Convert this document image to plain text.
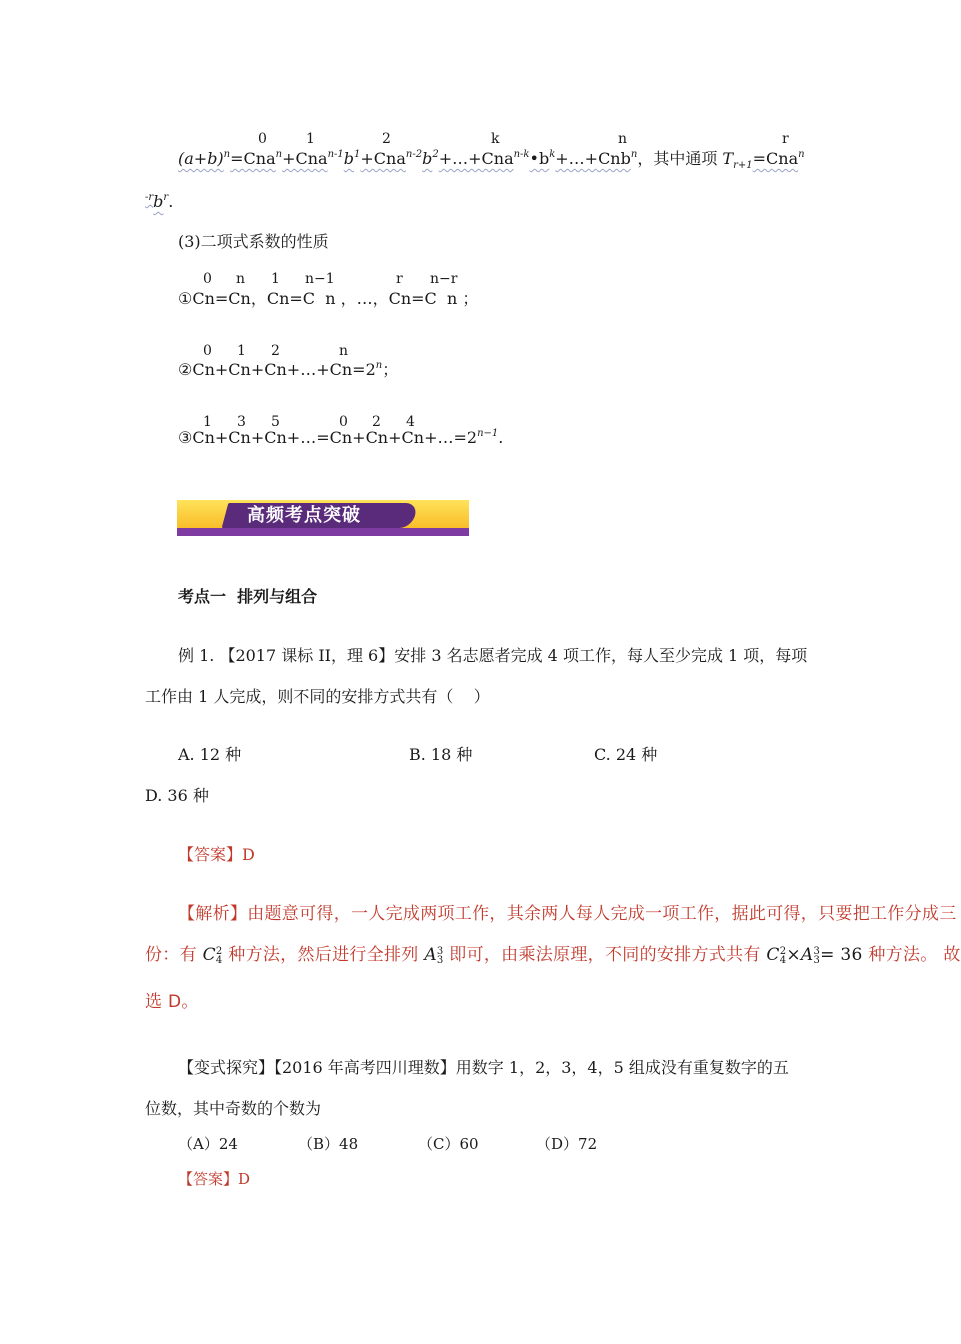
$(a+b)^n=Cna^n+Cna^{n-1}b^1+Cna^{n-2}b^2+\dots+Cna^{n-k}•b^k+\dots+Cnb^n$，其中通项 $T_{r+1}=Cna^n$
0	1	2	k	n	r
$^{-r}b^r$.
(3)二项式系数的性质
0 n 1 n−1	r n−r
①Cn=Cn，Cn=C  n ，…，Cn=C  n ；
0 1 2	n
$②Cn+Cn+Cn+\dots+Cn=2^n$；
1 3 5	0 2 4
$③Cn+Cn+Cn+\dots=Cn+Cn+Cn+\dots=2^{n-1}$.
高频考点突破
考点一  排列与组合
例 1. 【2017 课标 II，理 6】安排 3 名志愿者完成 4 项工作，每人至少完成 1 项，每项
工作由 1 人完成，则不同的安排方式共有（    ）
A. 12 种	B. 18 种	C. 24 种
D. 36 种
【答案】D
【解析】由题意可得，一人完成两项工作，其余两人每人完成一项工作，据此可得，只要把工作分成三
份：有 C 2
4 种方法，然后进行全排列 A 3
3 即可，由乘法原理，不同的安排方式共有 C 2
4 ×A 3
3 = 36 种方法。 故
选 D。
【变式探究】【2016 年高考四川理数】用数字 1，2，3，4，5 组成没有重复数字的五
位数，其中奇数的个数为
（A）24	（B）48	（C）60	（D）72
【答案】D
